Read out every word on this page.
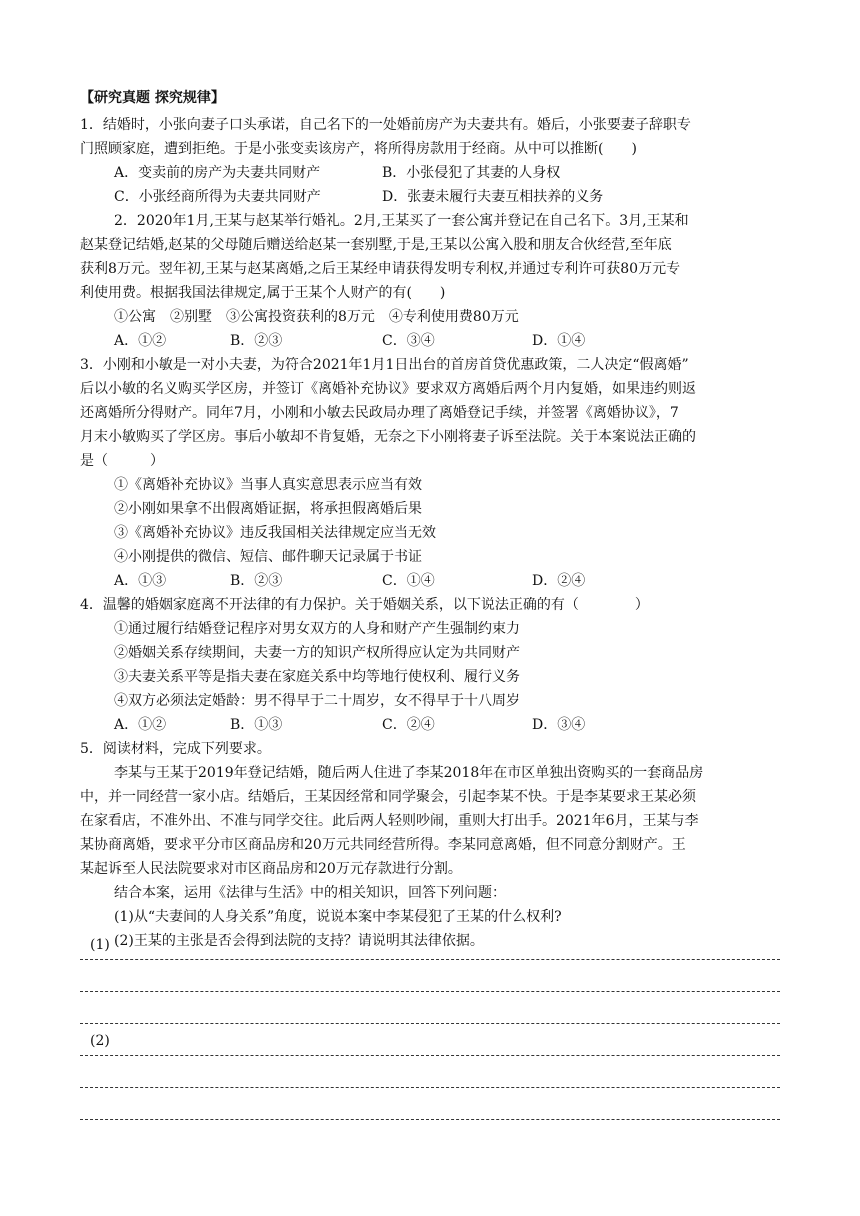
【研究真题 探究规律】
1．结婚时，小张向妻子口头承诺，自己名下的一处婚前房产为夫妻共有。婚后，小张要妻子辞职专
门照顾家庭，遭到拒绝。于是小张变卖该房产，将所得房款用于经商。从中可以推断(　　)
A．变卖前的房产为夫妻共同财产	B．小张侵犯了其妻的人身权
C．小张经商所得为夫妻共同财产	D．张妻未履行夫妻互相扶养的义务
2．2020年1月,王某与赵某举行婚礼。2月,王某买了一套公寓并登记在自己名下。3月,王某和
赵某登记结婚,赵某的父母随后赠送给赵某一套别墅,于是,王某以公寓入股和朋友合伙经营,至年底
获利8万元。翌年初,王某与赵某离婚,之后王某经申请获得发明专利权,并通过专利许可获80万元专
利使用费。根据我国法律规定,属于王某个人财产的有(　　)
①公寓　②别墅　③公寓投资获利的8万元　④专利使用费80万元
A．①②	B．②③	C．③④	D．①④
3．小刚和小敏是一对小夫妻，为符合2021年1月1日出台的首房首贷优惠政策，二人决定“假离婚”
后以小敏的名义购买学区房，并签订《离婚补充协议》要求双方离婚后两个月内复婚，如果违约则返
还离婚所分得财产。同年7月，小刚和小敏去民政局办理了离婚登记手续，并签署《离婚协议》，7
月末小敏购买了学区房。事后小敏却不肯复婚，无奈之下小刚将妻子诉至法院。关于本案说法正确的
是（　　　）
①《离婚补充协议》当事人真实意思表示应当有效
②小刚如果拿不出假离婚证据，将承担假离婚后果
③《离婚补充协议》违反我国相关法律规定应当无效
④小刚提供的微信、短信、邮件聊天记录属于书证
A．①③	B．②③	C．①④	D．②④
4．温馨的婚姻家庭离不开法律的有力保护。关于婚姻关系，以下说法正确的有（　　　　）
①通过履行结婚登记程序对男女双方的人身和财产产生强制约束力
②婚姻关系存续期间，夫妻一方的知识产权所得应认定为共同财产
③夫妻关系平等是指夫妻在家庭关系中均等地行使权利、履行义务
④双方必须法定婚龄：男不得早于二十周岁，女不得早于十八周岁
A．①②	B．①③	C．②④	D．③④
5．阅读材料，完成下列要求。
李某与王某于2019年登记结婚，随后两人住进了李某2018年在市区单独出资购买的一套商品房
中，并一同经营一家小店。结婚后，王某因经常和同学聚会，引起李某不快。于是李某要求王某必须
在家看店，不准外出、不准与同学交往。此后两人轻则吵闹，重则大打出手。2021年6月，王某与李
某协商离婚，要求平分市区商品房和20万元共同经营所得。李某同意离婚，但不同意分割财产。王
某起诉至人民法院要求对市区商品房和20万元存款进行分割。
结合本案，运用《法律与生活》中的相关知识，回答下列问题：
(1)从“夫妻间的人身关系”角度，说说本案中李某侵犯了王某的什么权利?
(2)王某的主张是否会得到法院的支持？请说明其法律依据。
(1)
(2)
